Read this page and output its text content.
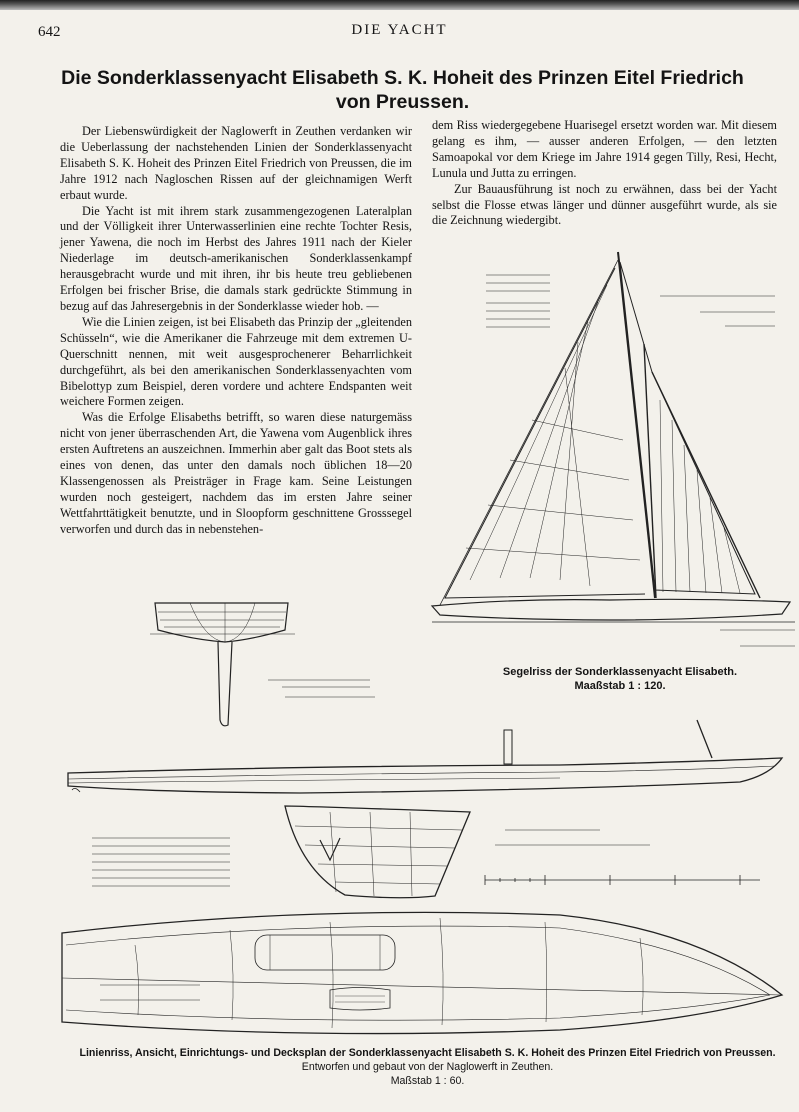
642	DIE YACHT
Die Sonderklassenyacht Elisabeth S. K. Hoheit des Prinzen Eitel Friedrich
von Preussen.

Der Liebenswürdigkeit der Naglowerft in Zeuthen verdanken wir die Ueberlassung der nachstehenden Linien der Sonderklassenyacht Elisabeth S. K. Hoheit des Prinzen Eitel Friedrich von Preussen, die im Jahre 1912 nach Nagloschen Rissen auf der gleichnamigen Werft erbaut wurde.

Die Yacht ist mit ihrem stark zusammengezogenen Lateralplan und der Völligkeit ihrer Unterwasserlinien eine rechte Tochter Resis, jener Yawena, die noch im Herbst des Jahres 1911 nach der Kieler Niederlage im deutsch-amerikanischen Sonderklassenkampf herausgebracht wurde und mit ihren, ihr bis heute treu gebliebenen Erfolgen bei frischer Brise, die damals stark gedrückte Stimmung in bezug auf das Jahresergebnis in der Sonderklasse wieder hob. —

Wie die Linien zeigen, ist bei Elisabeth das Prinzip der „gleitenden Schüsseln“, wie die Amerikaner die Fahrzeuge mit dem extremen U-Querschnitt nennen, mit weit ausgesprochenerer Beharrlichkeit durchgeführt, als bei den amerikanischen Sonderklassenyachten vom Bibelottyp zum Beispiel, deren vordere und achtere Endspanten weit weichere Formen zeigen.

Was die Erfolge Elisabeths betrifft, so waren diese naturgemäss nicht von jener überraschenden Art, die Yawena vom Augenblick ihres ersten Auftretens an auszeichnen. Immerhin aber galt das Boot stets als eines von denen, das unter den damals noch üblichen 18—20 Klassengenossen als Preisträger in Frage kam. Seine Leistungen wurden noch gesteigert, nachdem das im ersten Jahre seiner Wettfahrttätigkeit benutzte, und in Sloopform geschnittene Grosssegel verworfen und durch das in nebenstehen-

dem Riss wiedergegebene Huarisegel ersetzt worden war. Mit diesem gelang es ihm, — ausser anderen Erfolgen, — den letzten Samoapokal vor dem Kriege im Jahre 1914 gegen Tilly, Resi, Hecht, Lunula und Jutta zu erringen.

Zur Bauausführung ist noch zu erwähnen, dass bei der Yacht selbst die Flosse etwas länger und dünner ausgeführt wurde, als sie die Zeichnung wiedergibt.

Segelriss der Sonderklassenyacht Elisabeth.
Maaßstab 1 : 120.
Linienriss, Ansicht, Einrichtungs- und Decksplan der Sonderklassenyacht Elisabeth S. K. Hoheit des Prinzen Eitel Friedrich von Preussen.
Entworfen und gebaut von der Naglowerft in Zeuthen.
Maßstab 1 : 60.
